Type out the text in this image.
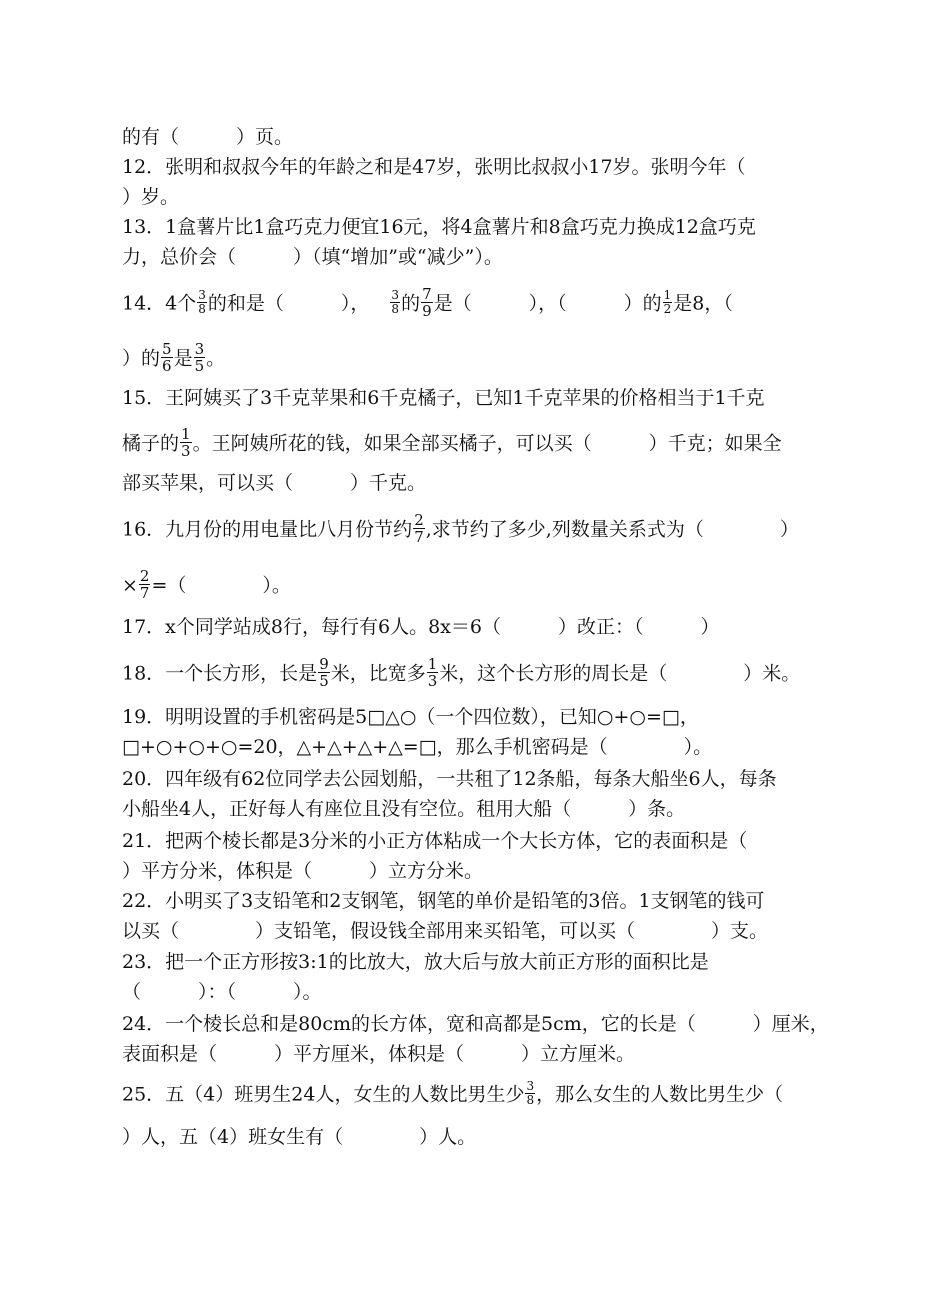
的有（　　　）页。
12．张明和叔叔今年的年龄之和是47岁，张明比叔叔小17岁。张明今年（
）岁。
13．1盒薯片比1盒巧克力便宜16元，将4盒薯片和8盒巧克力换成12盒巧克
力，总价会（　　　）（填“增加”或“减少”）。
14．4个 $\frac{3}{8}$ 的和是（　　　）， $\frac{3}{8}$ 的 $\frac{7}{9}$ 是（　　　），（　　　）的 $\frac{1}{2}$ 是8，（
）的 $\frac{5}{6}$ 是 $\frac{3}{5}$ 。
15．王阿姨买了3千克苹果和6千克橘子，已知1千克苹果的价格相当于1千克
橘子的 $\frac{1}{3}$ 。王阿姨所花的钱，如果全部买橘子，可以买（　　　）千克；如果全
部买苹果，可以买（　　　）千克。
16．九月份的用电量比八月份节约 $\frac{2}{7}$ ,求节约了多少,列数量关系式为（　　　　）
× $\frac{2}{7}$ =（　　　　）。
17．x个同学站成8行，每行有6人。8x＝6（　　　）改正：（　　　）
18．一个长方形，长是 $\frac{9}{5}$ 米，比宽多 $\frac{1}{3}$ 米，这个长方形的周长是（　　　　）米。
19．明明设置的手机密码是5□△○（一个四位数），已知○+○=□，
□+○+○+○=20，△+△+△+△=□，那么手机密码是（　　　　）。
20．四年级有62位同学去公园划船，一共租了12条船，每条大船坐6人，每条
小船坐4人，正好每人有座位且没有空位。租用大船（　　　）条。
21．把两个棱长都是3分米的小正方体粘成一个大长方体，它的表面积是（
）平方分米，体积是（　　　）立方分米。
22．小明买了3支铅笔和2支钢笔，钢笔的单价是铅笔的3倍。1支钢笔的钱可
以买（　　　　）支铅笔，假设钱全部用来买铅笔，可以买（　　　　）支。
23．把一个正方形按3:1的比放大，放大后与放大前正方形的面积比是
（　　　）：（　　　）。
24．一个棱长总和是80cm的长方体，宽和高都是5cm，它的长是（　　　）厘米，
表面积是（　　　）平方厘米，体积是（　　　）立方厘米。
25．五（4）班男生24人，女生的人数比男生少 $\frac{3}{8}$ ，那么女生的人数比男生少（
）人，五（4）班女生有（　　　　）人。
